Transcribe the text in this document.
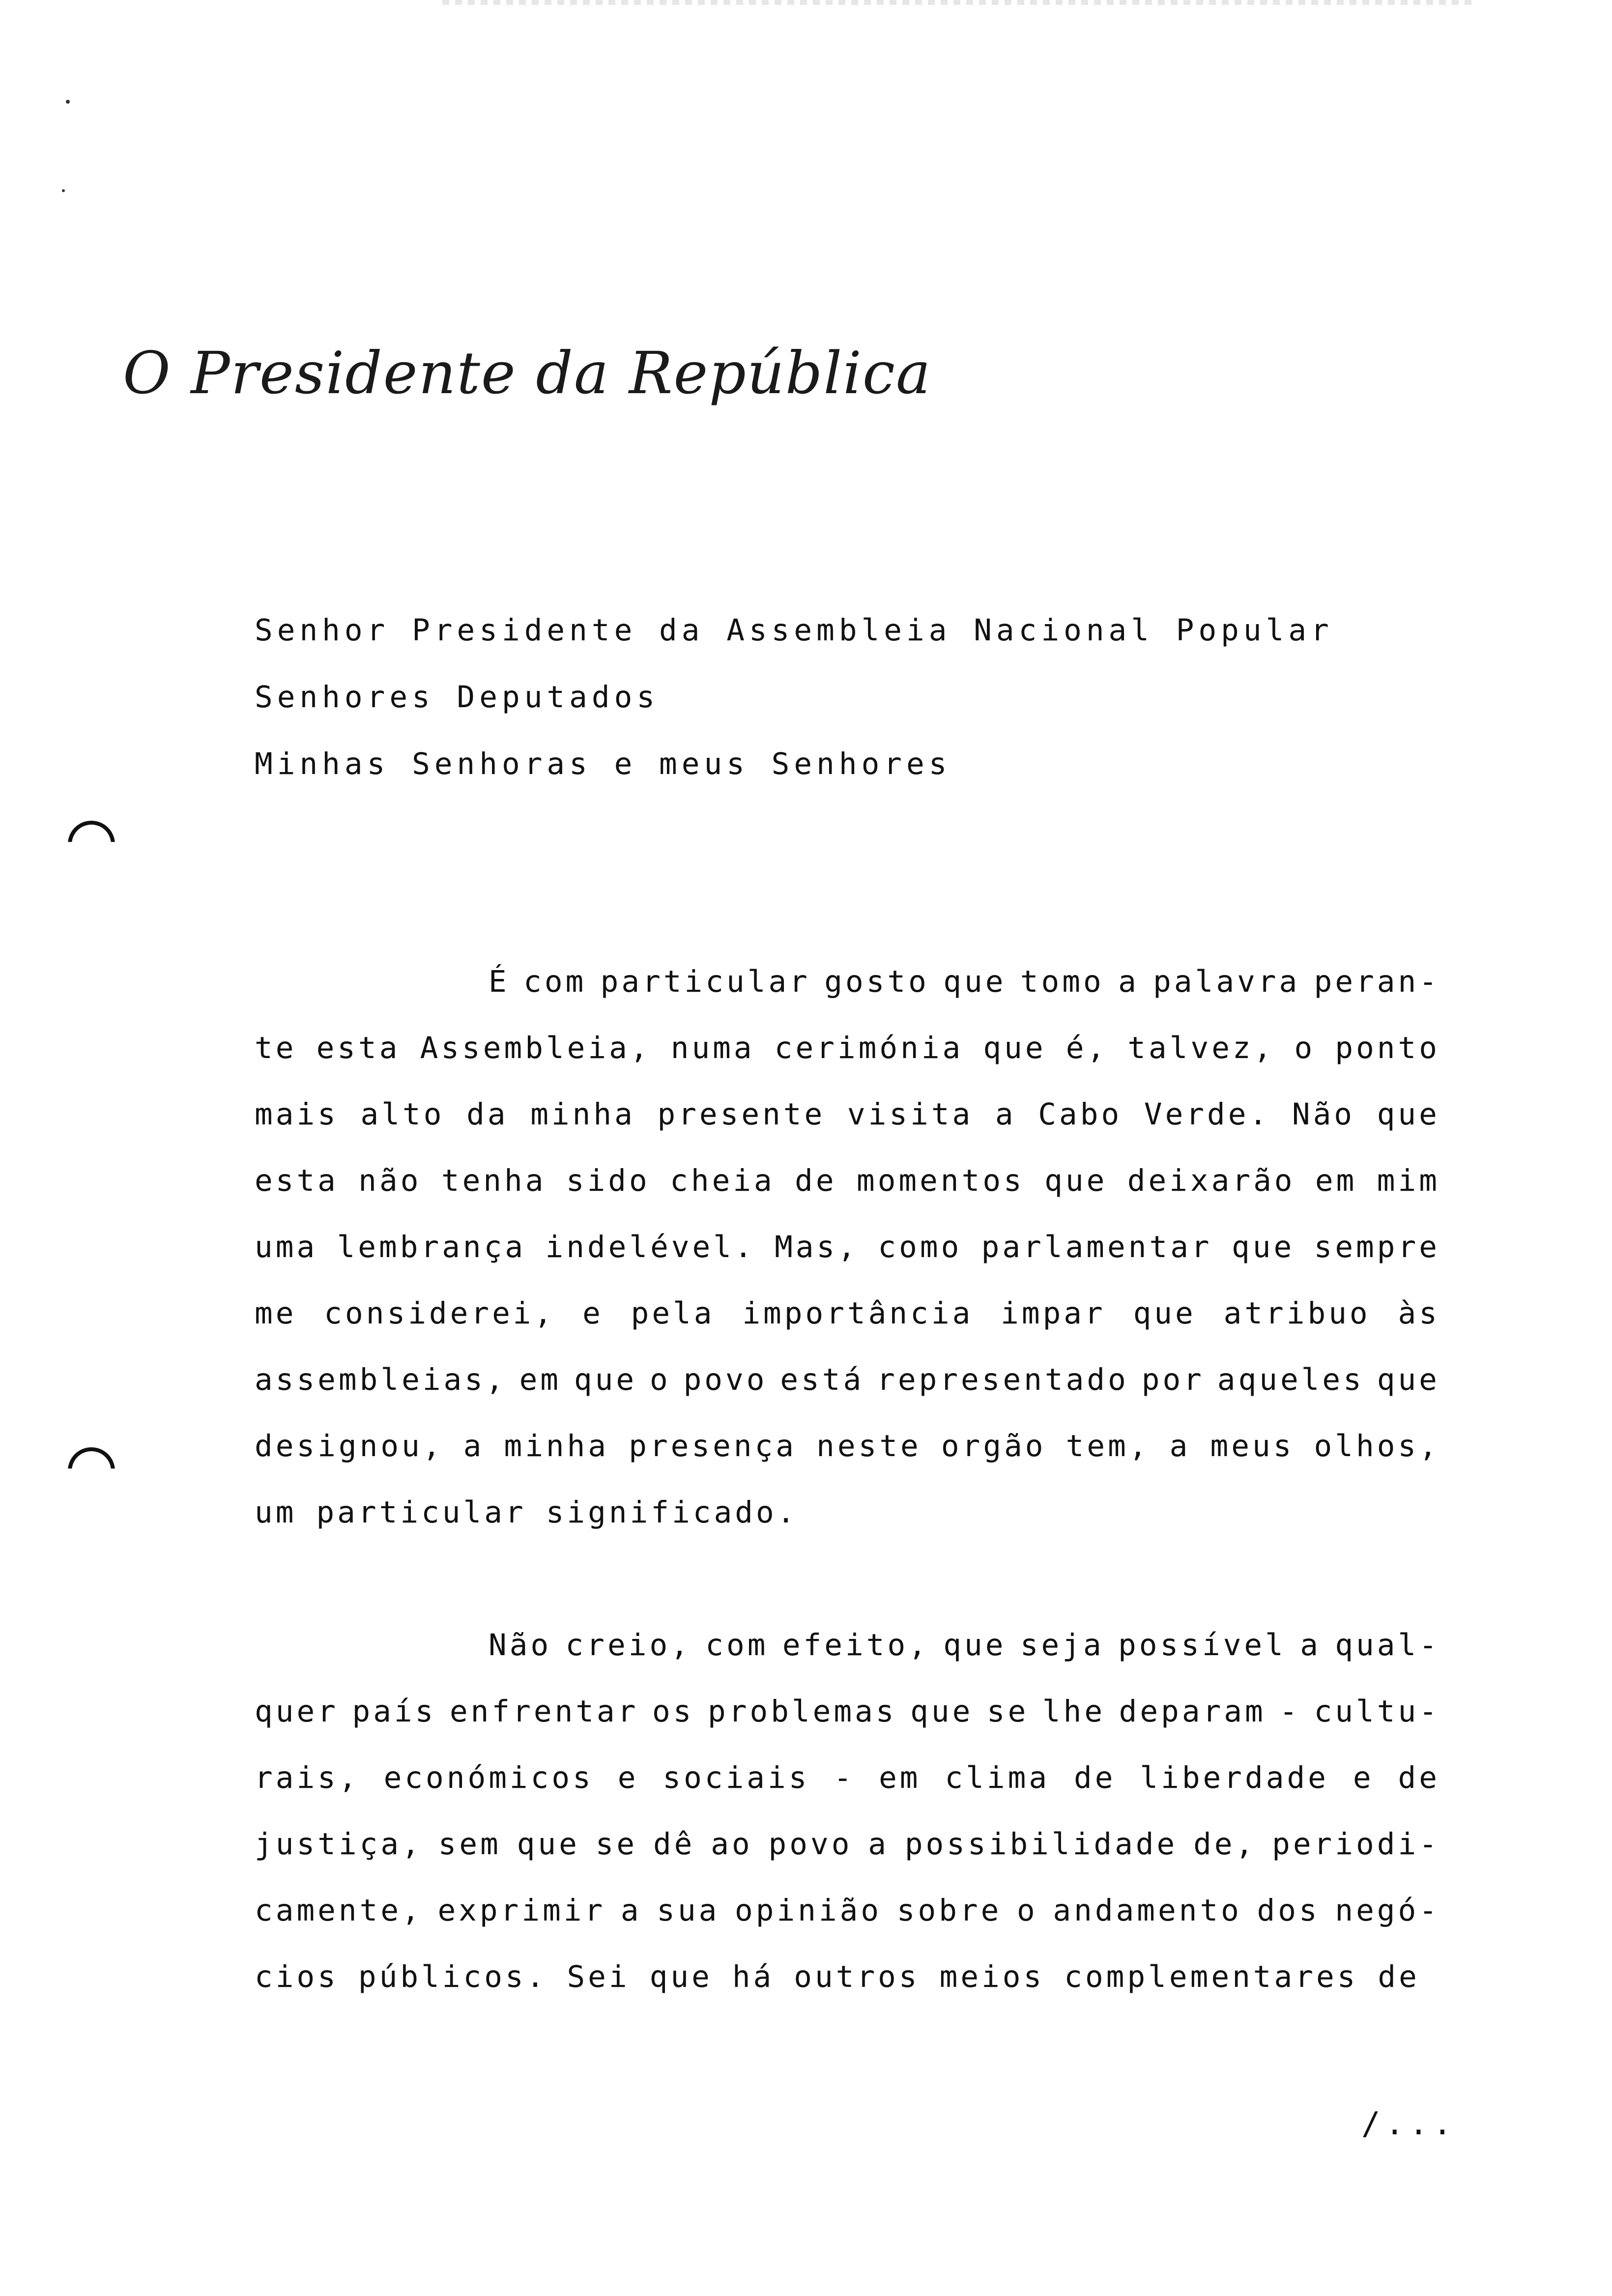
O Presidente da República
Senhor Presidente da Assembleia Nacional Popular
Senhores Deputados
Minhas Senhoras e meus Senhores
É com particular gosto que tomo a palavra peran-
te esta Assembleia, numa cerimónia que é, talvez, o ponto
mais alto da minha presente visita a Cabo Verde. Não que
esta não tenha sido cheia de momentos que deixarão em mim
uma lembrança indelével. Mas, como parlamentar que sempre
me considerei, e pela importância impar que atribuo às
assembleias, em que o povo está representado por aqueles que
designou, a minha presença neste orgão tem, a meus olhos,
um particular significado.
Não creio, com efeito, que seja possível a qual-
quer país enfrentar os problemas que se lhe deparam - cultu-
rais, económicos e sociais - em clima de liberdade e de
justiça, sem que se dê ao povo a possibilidade de, periodi-
camente, exprimir a sua opinião sobre o andamento dos negó-
cios públicos. Sei que há outros meios complementares de
/...
